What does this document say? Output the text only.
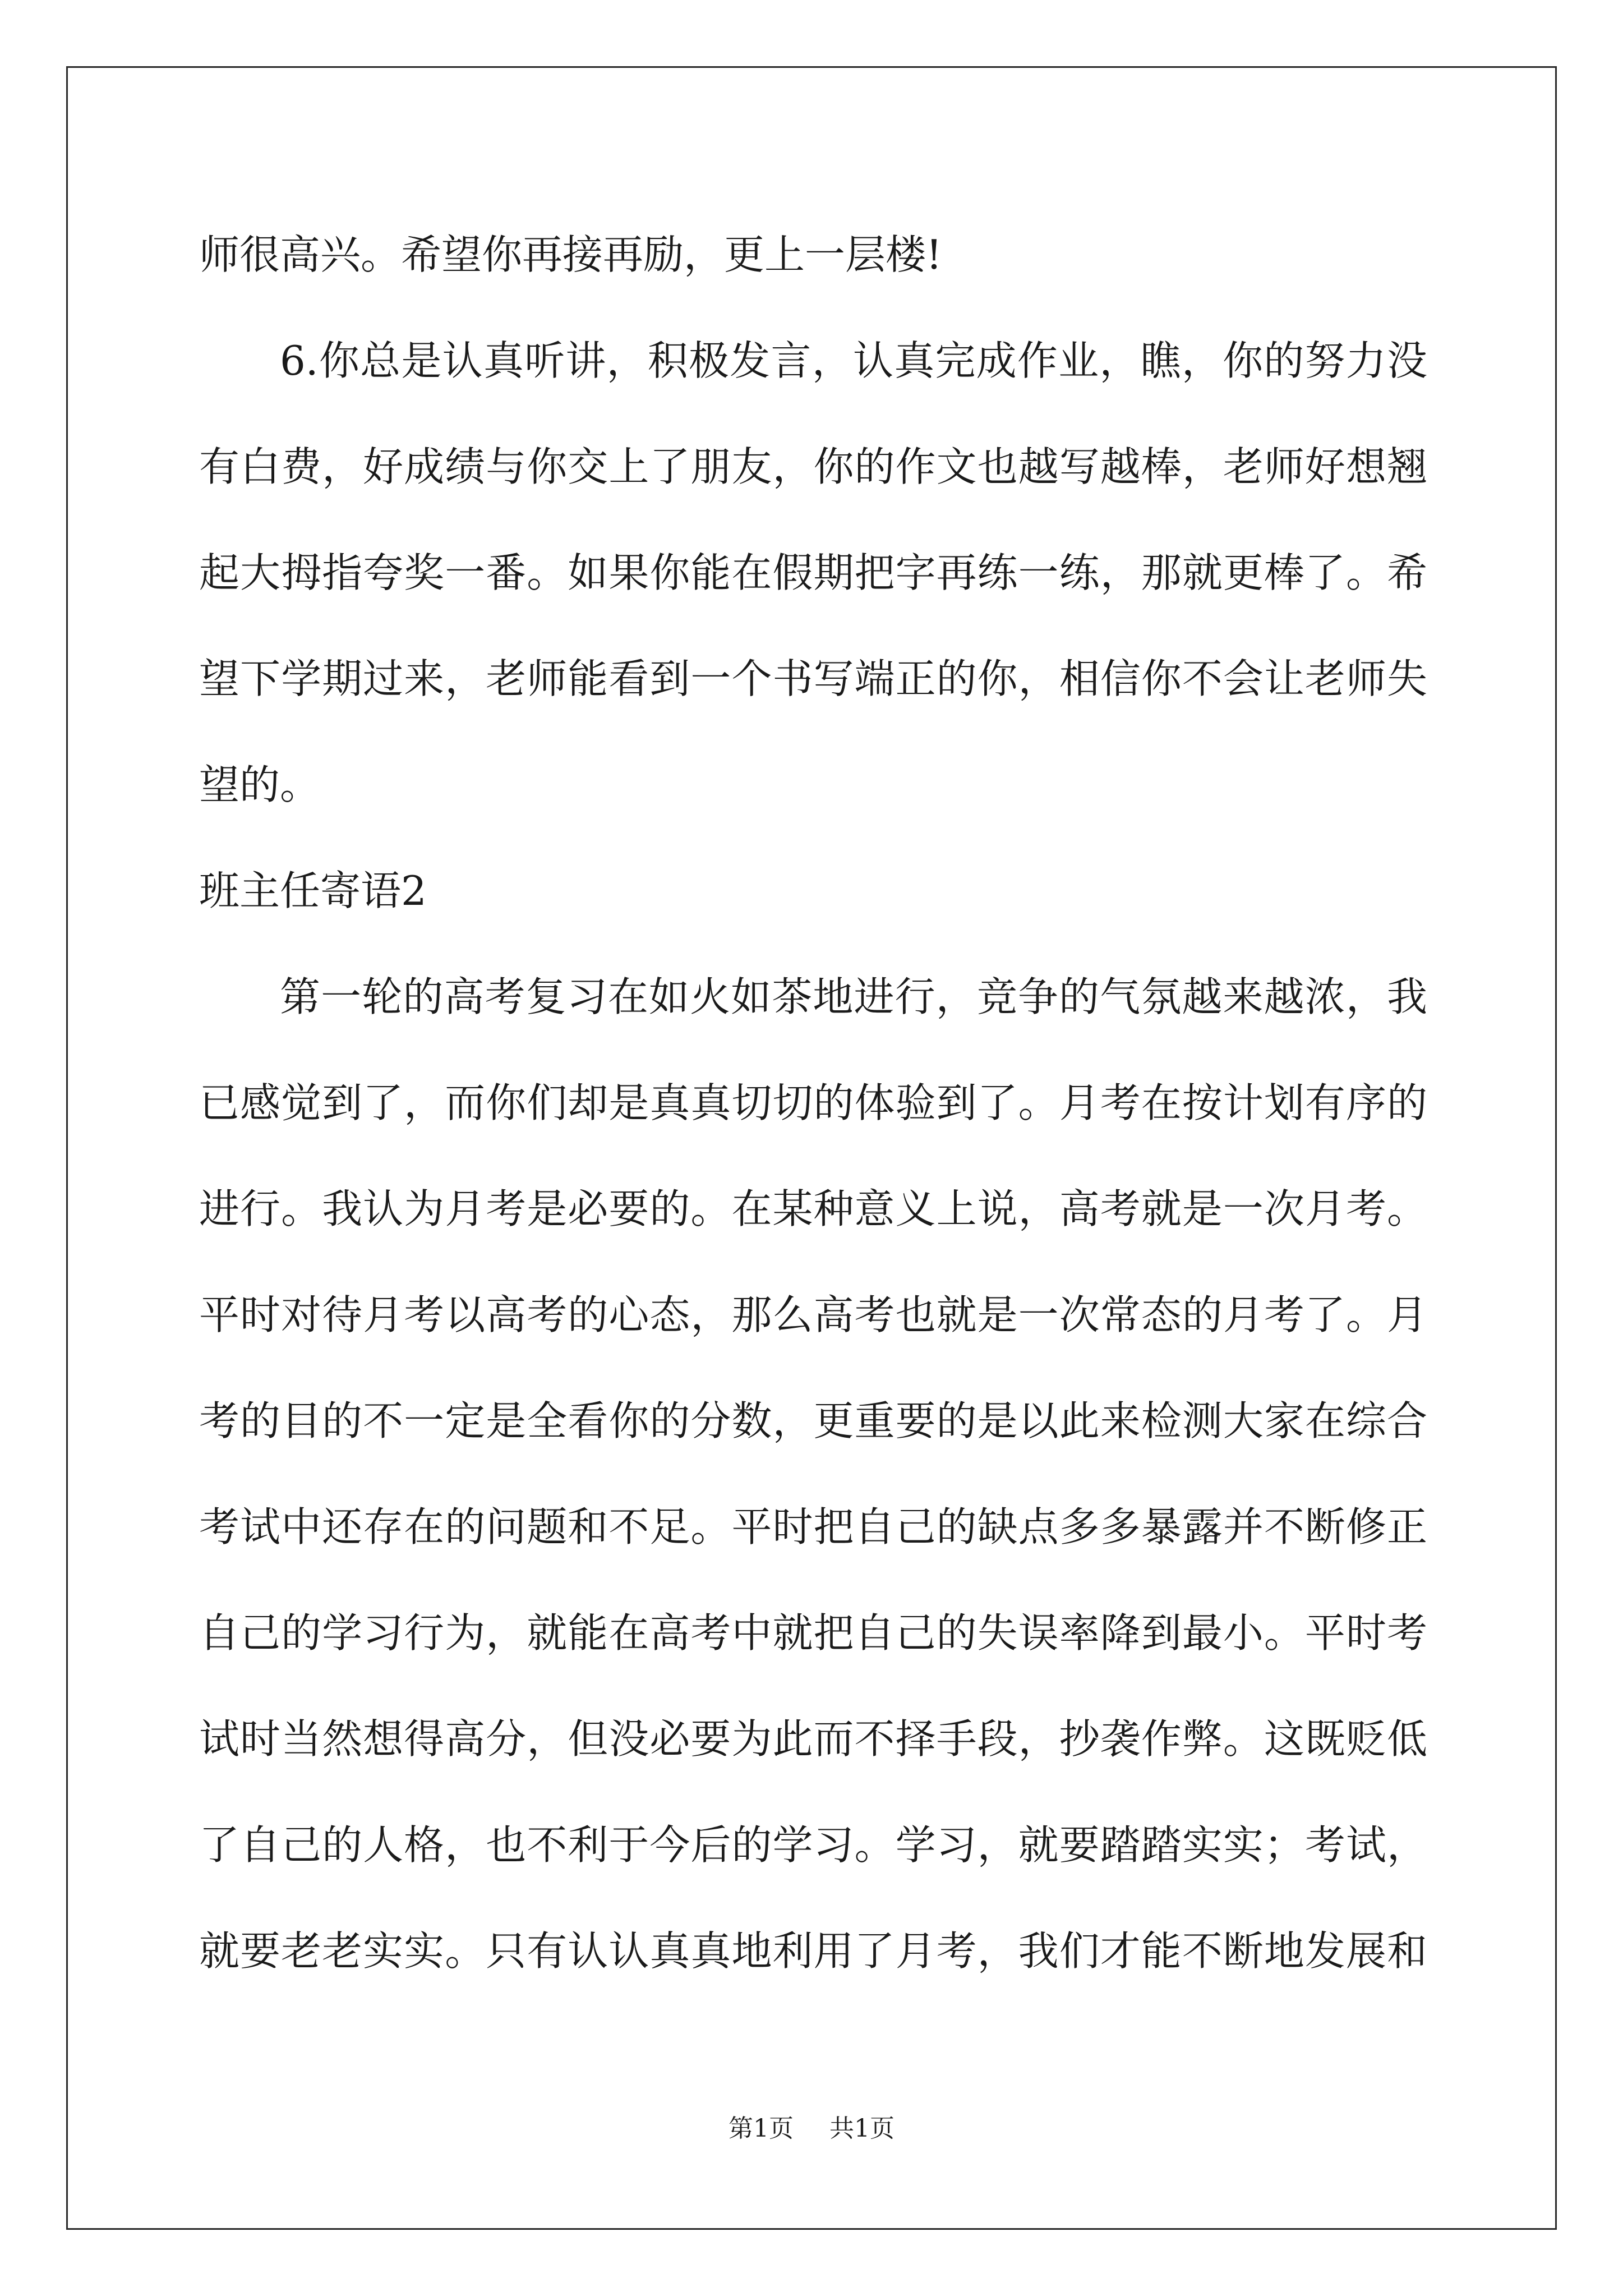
师很高兴。希望你再接再励，更上一层楼!
6.你总是认真听讲，积极发言，认真完成作业，瞧，你的努力没
有白费，好成绩与你交上了朋友，你的作文也越写越棒，老师好想翘
起大拇指夸奖一番。如果你能在假期把字再练一练，那就更棒了。希
望下学期过来，老师能看到一个书写端正的你，相信你不会让老师失
望的。
班主任寄语2
第一轮的高考复习在如火如茶地进行，竞争的气氛越来越浓，我
已感觉到了，而你们却是真真切切的体验到了。月考在按计划有序的
进行。我认为月考是必要的。在某种意义上说，高考就是一次月考。
平时对待月考以高考的心态，那么高考也就是一次常态的月考了。月
考的目的不一定是全看你的分数，更重要的是以此来检测大家在综合
考试中还存在的问题和不足。平时把自己的缺点多多暴露并不断修正
自己的学习行为，就能在高考中就把自己的失误率降到最小。平时考
试时当然想得高分，但没必要为此而不择手段，抄袭作弊。这既贬低
了自己的人格，也不利于今后的学习。学习，就要踏踏实实；考试，
就要老老实实。只有认认真真地利用了月考，我们才能不断地发展和
第1页 共1页
